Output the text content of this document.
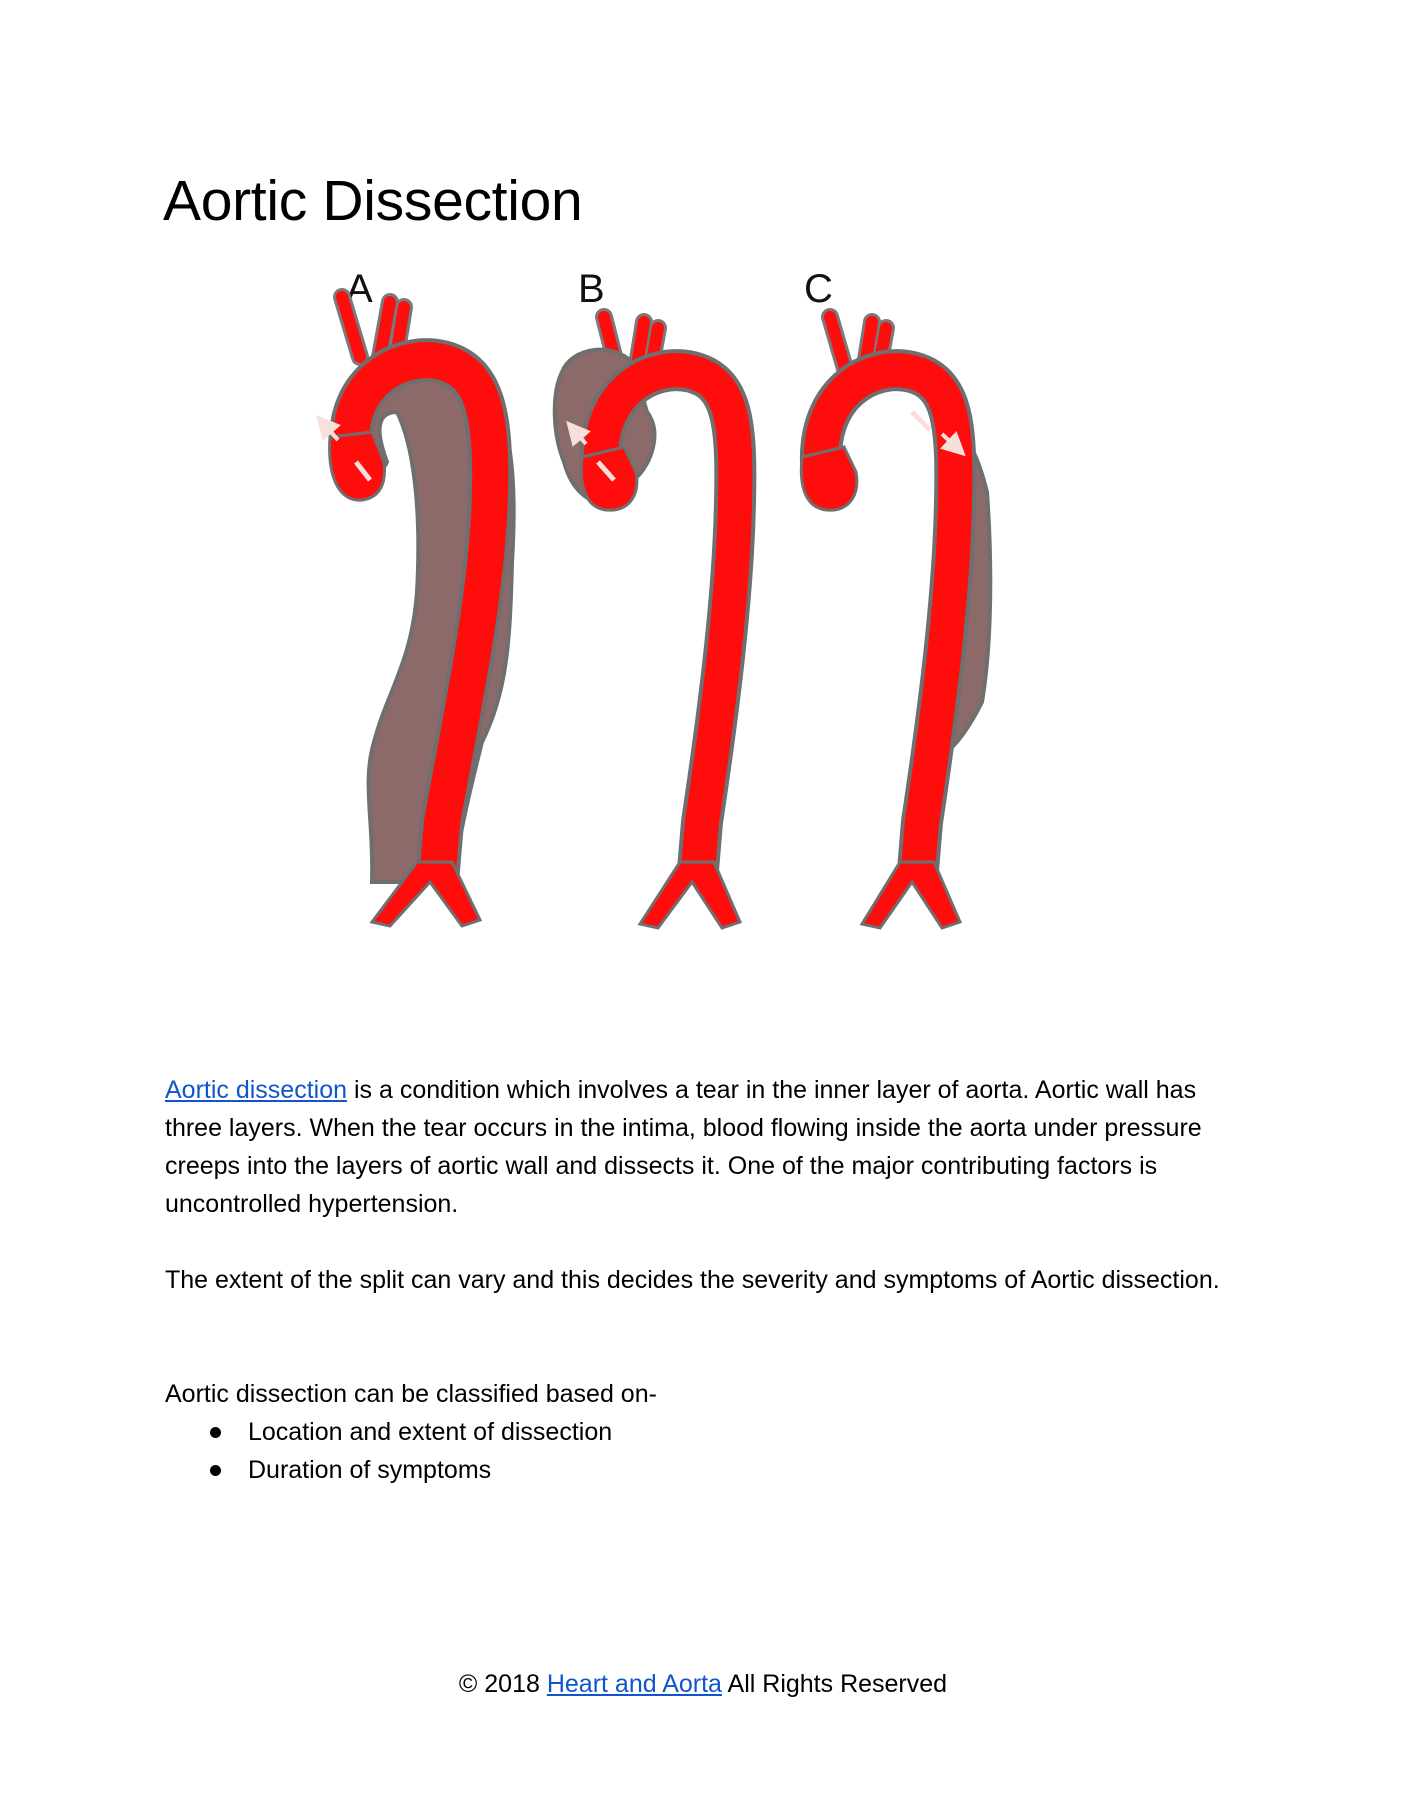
Aortic Dissection
A	B	C

Aortic dissection is a condition which involves a tear in the inner layer of aorta. Aortic wall has three layers. When the tear occurs in the intima, blood flowing inside the aorta under pressure creeps into the layers of aortic wall and dissects it. One of the major contributing factors is uncontrolled hypertension.

The extent of the split can vary and this decides the severity and symptoms of Aortic dissection.

Aortic dissection can be classified based on-

Location and extent of dissection
Duration of symptoms

© 2018 Heart and Aorta All Rights Reserved
